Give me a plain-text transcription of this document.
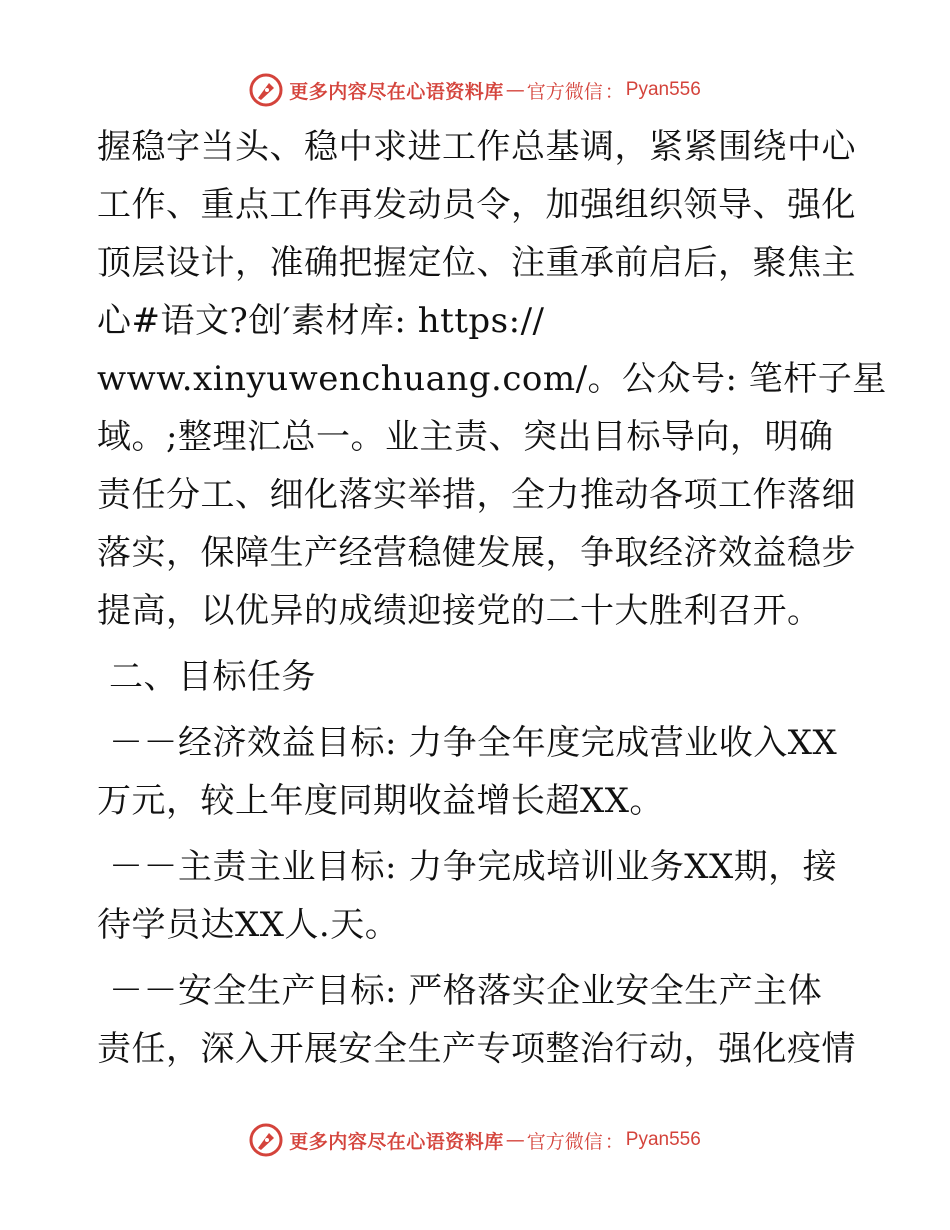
更多内容尽在心语资料库 — 官方微信 ： Pyan556
握稳字当头、稳中求进工作总基调，紧紧围绕中心
工作、重点工作再发动员令，加强组织领导、强化
顶层设计，准确把握定位、注重承前启后，聚焦主
心#语文?创′素材库: https://
www.xinyuwenchuang.com/。公众号: 笔杆子星
域。;整理汇总一。业主责、突出目标导向，明确
责任分工、细化落实举措，全力推动各项工作落细
落实，保障生产经营稳健发展，争取经济效益稳步
提高，以优异的成绩迎接党的二十大胜利召开。
二、目标任务
－－经济效益目标: 力争全年度完成营业收入XX
万元，较上年度同期收益增长超XX。
－－主责主业目标: 力争完成培训业务XX期，接
待学员达XX人.天。
－－安全生产目标: 严格落实企业安全生产主体
责任，深入开展安全生产专项整治行动，强化疫情
更多内容尽在心语资料库 — 官方微信 ： Pyan556
